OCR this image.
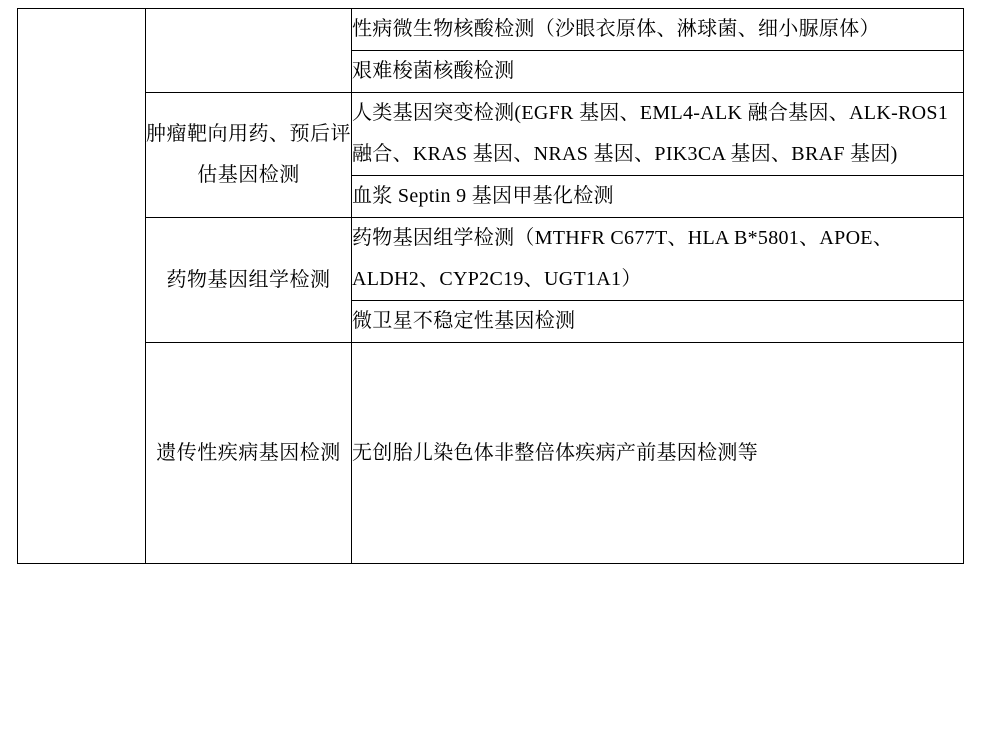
		性病微生物核酸检测（沙眼衣原体、淋球菌、细小脲原体）
		艰难梭菌核酸检测
	肿瘤靶向用药、预后评估基因检测	人类基因突变检测(EGFR 基因、EML4-ALK 融合基因、ALK-ROS1 融合、KRAS 基因、NRAS 基因、PIK3CA 基因、BRAF 基因)
		血浆 Septin 9 基因甲基化检测
	药物基因组学检测	药物基因组学检测（MTHFR C677T、HLA B*5801、APOE、ALDH2、CYP2C19、UGT1A1）
		微卫星不稳定性基因检测
	遗传性疾病基因检测	无创胎儿染色体非整倍体疾病产前基因检测等
